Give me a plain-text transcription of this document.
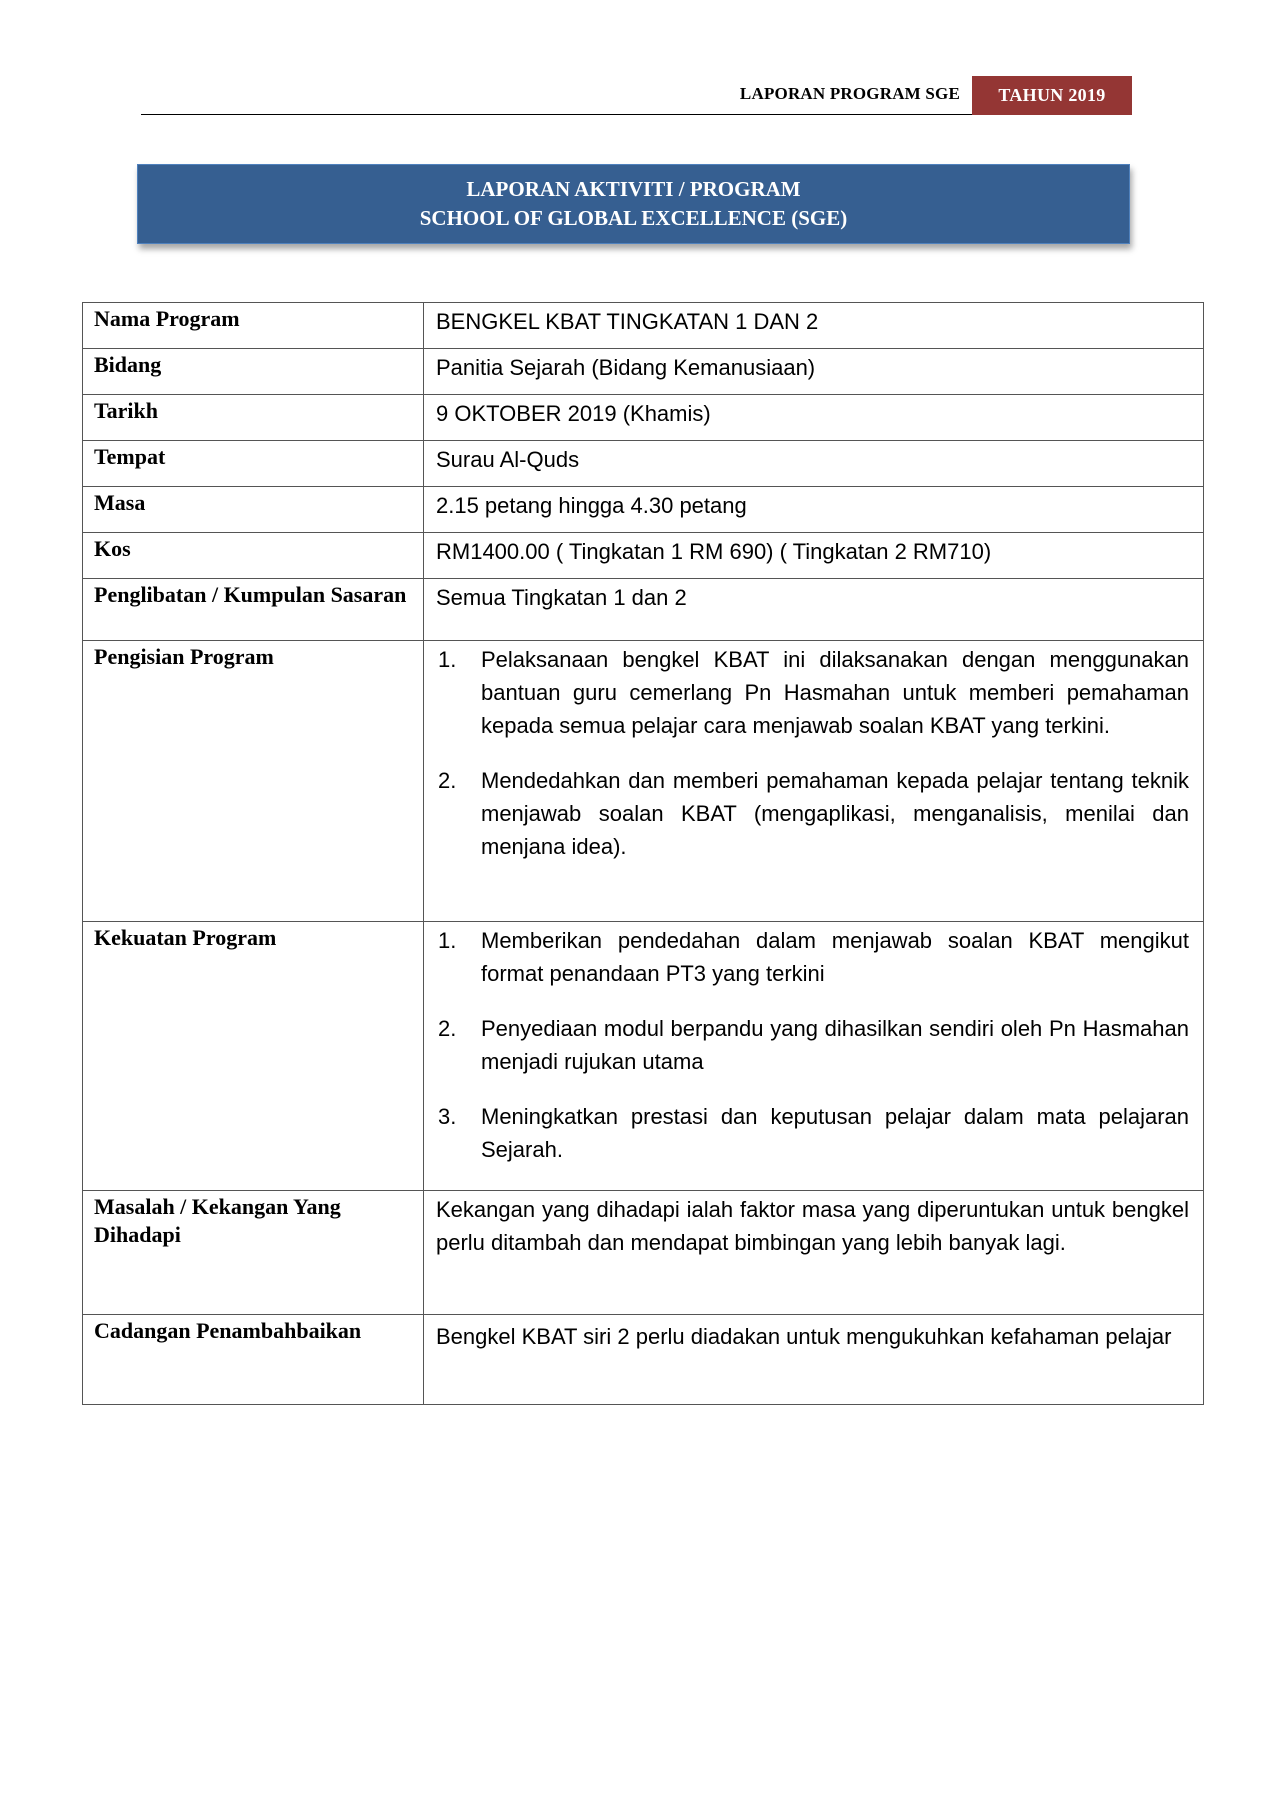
LAPORAN PROGRAM SGE	TAHUN 2019
LAPORAN AKTIVITI / PROGRAM
SCHOOL OF GLOBAL EXCELLENCE (SGE)
Nama Program	BENGKEL KBAT TINGKATAN 1 DAN 2
Bidang	Panitia Sejarah (Bidang Kemanusiaan)
Tarikh	9 OKTOBER 2019 (Khamis)
Tempat	Surau Al-Quds
Masa	2.15 petang hingga 4.30 petang
Kos	RM1400.00 ( Tingkatan 1 RM 690) ( Tingkatan 2 RM710)
Penglibatan / Kumpulan Sasaran	Semua Tingkatan 1 dan 2
Pengisian Program	1. Pelaksanaan bengkel KBAT ini dilaksanakan dengan menggunakan bantuan guru cemerlang Pn Hasmahan untuk memberi pemahaman kepada semua pelajar cara menjawab soalan KBAT yang terkini.
2. Mendedahkan dan memberi pemahaman kepada pelajar tentang teknik menjawab soalan KBAT (mengaplikasi, menganalisis, menilai dan menjana idea).

Kekuatan Program	1. Memberikan pendedahan dalam menjawab soalan KBAT mengikut format penandaan PT3 yang terkini
2. Penyediaan modul berpandu yang dihasilkan sendiri oleh Pn Hasmahan menjadi rujukan utama
3. Meningkatkan prestasi dan keputusan pelajar dalam mata pelajaran Sejarah.

Masalah / Kekangan Yang Dihadapi	Kekangan yang dihadapi ialah faktor masa yang diperuntukan untuk bengkel perlu ditambah dan mendapat bimbingan yang lebih banyak lagi.
Cadangan Penambahbaikan	Bengkel KBAT siri 2 perlu diadakan untuk mengukuhkan kefahaman pelajar
